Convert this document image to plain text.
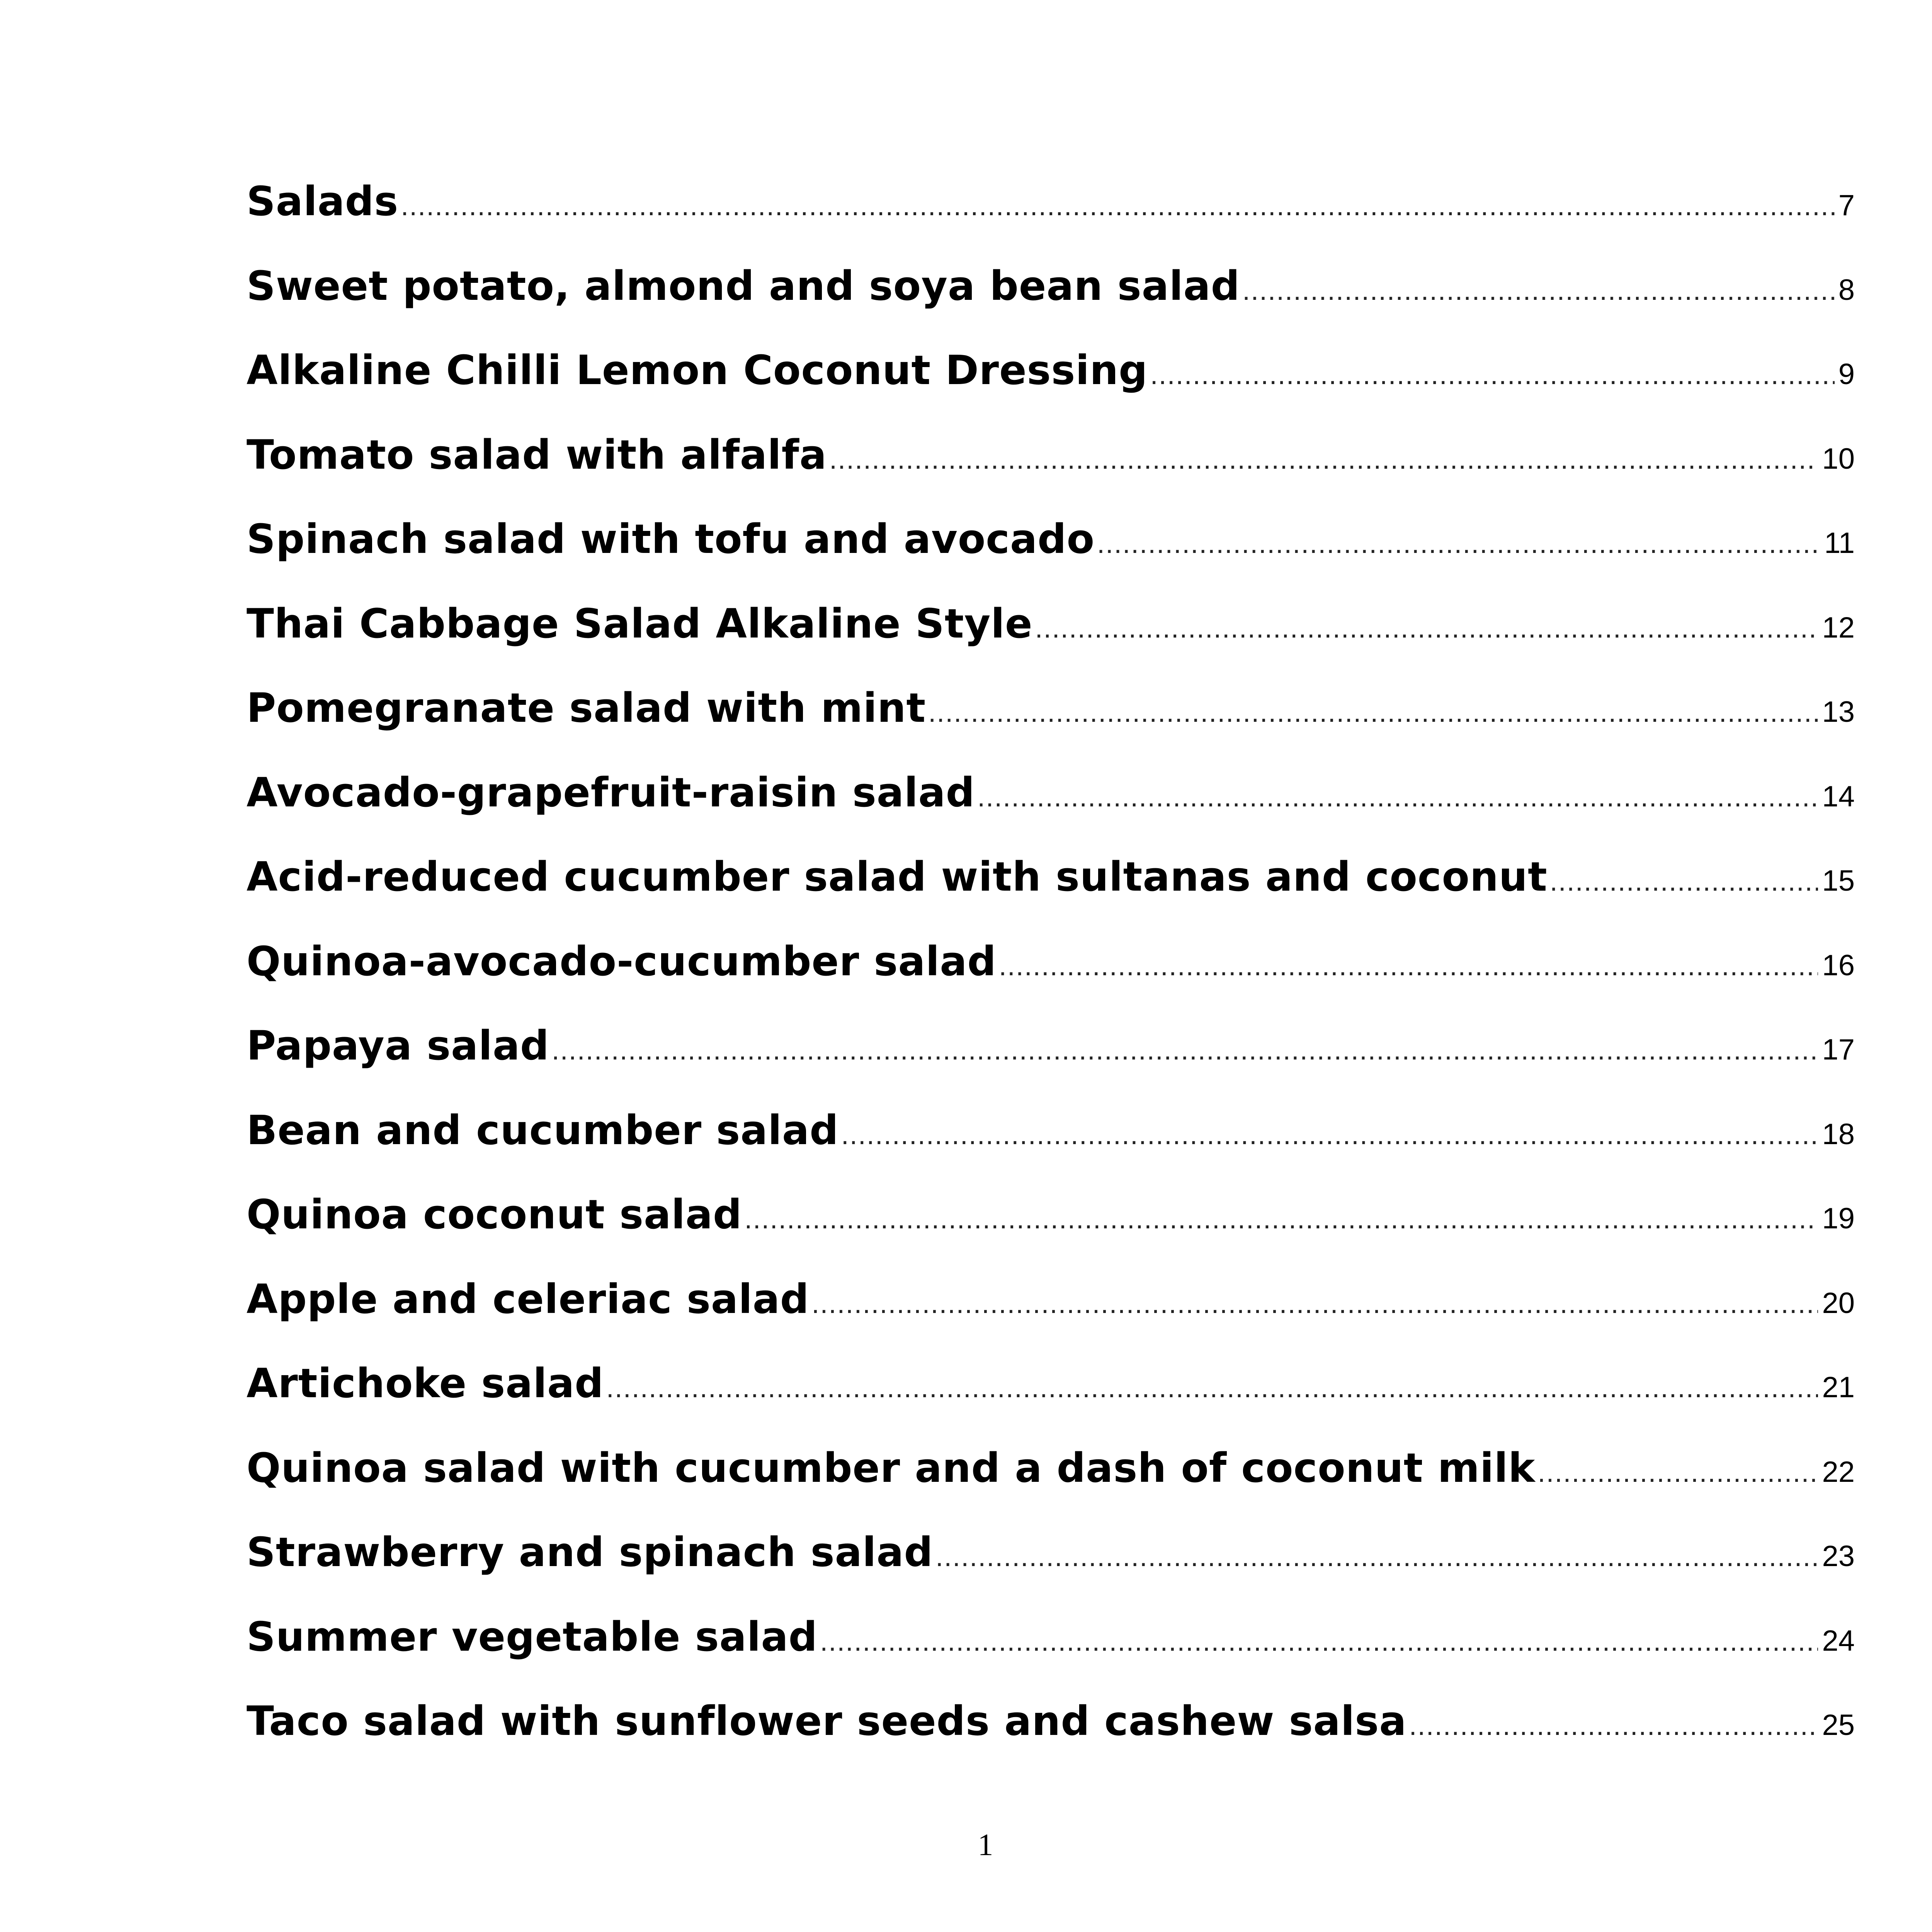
Salads .....	7
Sweet potato, almond and soya bean salad .....	8
Alkaline Chilli Lemon Coconut Dressing .....	9
Tomato salad with alfalfa .....	10
Spinach salad with tofu and avocado .....	11
Thai Cabbage Salad Alkaline Style .....	12
Pomegranate salad with mint .....	13
Avocado-grapefruit-raisin salad .....	14
Acid-reduced cucumber salad with sultanas and coconut .....	15
Quinoa-avocado-cucumber salad .....	16
Papaya salad .....	17
Bean and cucumber salad .....	18
Quinoa coconut salad .....	19
Apple and celeriac salad .....	20
Artichoke salad .....	21
Quinoa salad with cucumber and a dash of coconut milk .....	22
Strawberry and spinach salad .....	23
Summer vegetable salad .....	24
Taco salad with sunflower seeds and cashew salsa .....	25
1
